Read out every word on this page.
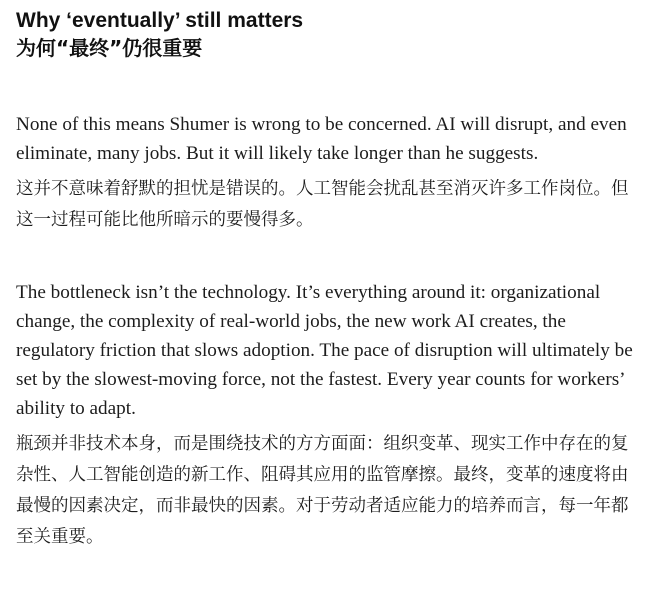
Why ‘eventually’ still matters
为何“最终”仍很重要

None of this means Shumer is wrong to be concerned. AI will disrupt, and even eliminate, many jobs. But it will likely take longer than he suggests.

这并不意味着舒默的担忧是错误的。人工智能会扰乱甚至消灭许多工作岗位。但这一过程可能比他所暗示的要慢得多。

The bottleneck isn’t the technology. It’s everything around it: organizational change, the complexity of real-world jobs, the new work AI creates, the regulatory friction that slows adoption. The pace of disruption will ultimately be set by the slowest-moving force, not the fastest. Every year counts for workers’ ability to adapt.

瓶颈并非技术本身，而是围绕技术的方方面面：组织变革、现实工作中存在的复杂性、人工智能创造的新工作、阻碍其应用的监管摩擦。最终，变革的速度将由最慢的因素决定，而非最快的因素。对于劳动者适应能力的培养而言，每一年都至关重要。
